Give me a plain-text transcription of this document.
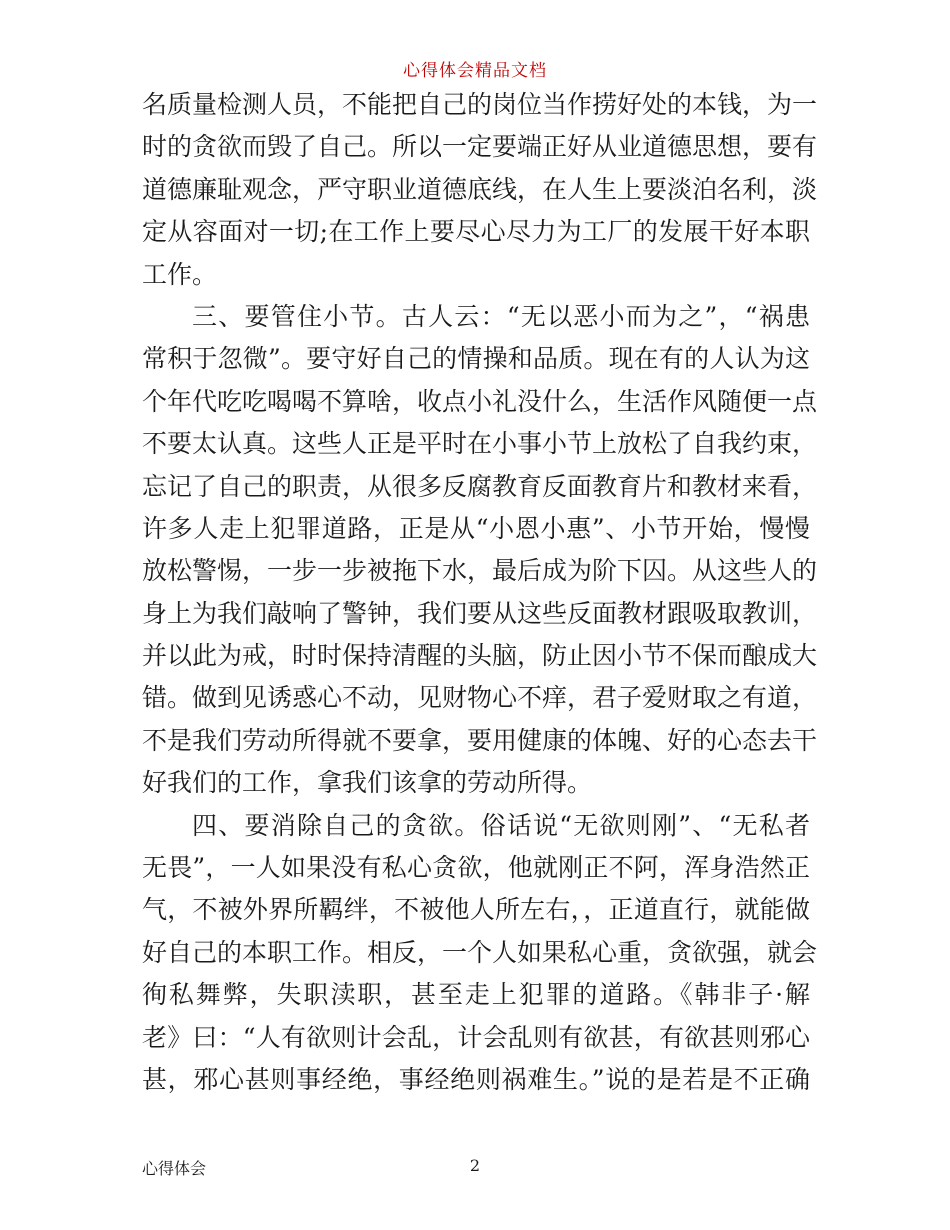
心得体会精品文档
名质量检测人员，不能把自己的岗位当作捞好处的本钱，为一
时的贪欲而毁了自己。所以一定要端正好从业道德思想，要有
道德廉耻观念，严守职业道德底线，在人生上要淡泊名利，淡
定从容面对一切;在工作上要尽心尽力为工厂的发展干好本职
工作。
三、要管住小节。古人云：“无以恶小而为之”，“祸患
常积于忽微”。要守好自己的情操和品质。现在有的人认为这
个年代吃吃喝喝不算啥，收点小礼没什么，生活作风随便一点
不要太认真。这些人正是平时在小事小节上放松了自我约束，
忘记了自己的职责，从很多反腐教育反面教育片和教材来看，
许多人走上犯罪道路，正是从“小恩小惠”、小节开始，慢慢
放松警惕，一步一步被拖下水，最后成为阶下囚。从这些人的
身上为我们敲响了警钟，我们要从这些反面教材跟吸取教训，
并以此为戒，时时保持清醒的头脑，防止因小节不保而酿成大
错。做到见诱惑心不动，见财物心不痒，君子爱财取之有道，
不是我们劳动所得就不要拿，要用健康的体魄、好的心态去干
好我们的工作，拿我们该拿的劳动所得。
四、要消除自己的贪欲。俗话说“无欲则刚”、“无私者
无畏”，一人如果没有私心贪欲，他就刚正不阿，浑身浩然正
气，不被外界所羁绊，不被他人所左右，，正道直行，就能做
好自己的本职工作。相反，一个人如果私心重，贪欲强，就会
徇私舞弊，失职渎职，甚至走上犯罪的道路。《韩非子·解
老》曰：“人有欲则计会乱，计会乱则有欲甚，有欲甚则邪心
甚，邪心甚则事经绝，事经绝则祸难生。”说的是若是不正确
心得体会	2
